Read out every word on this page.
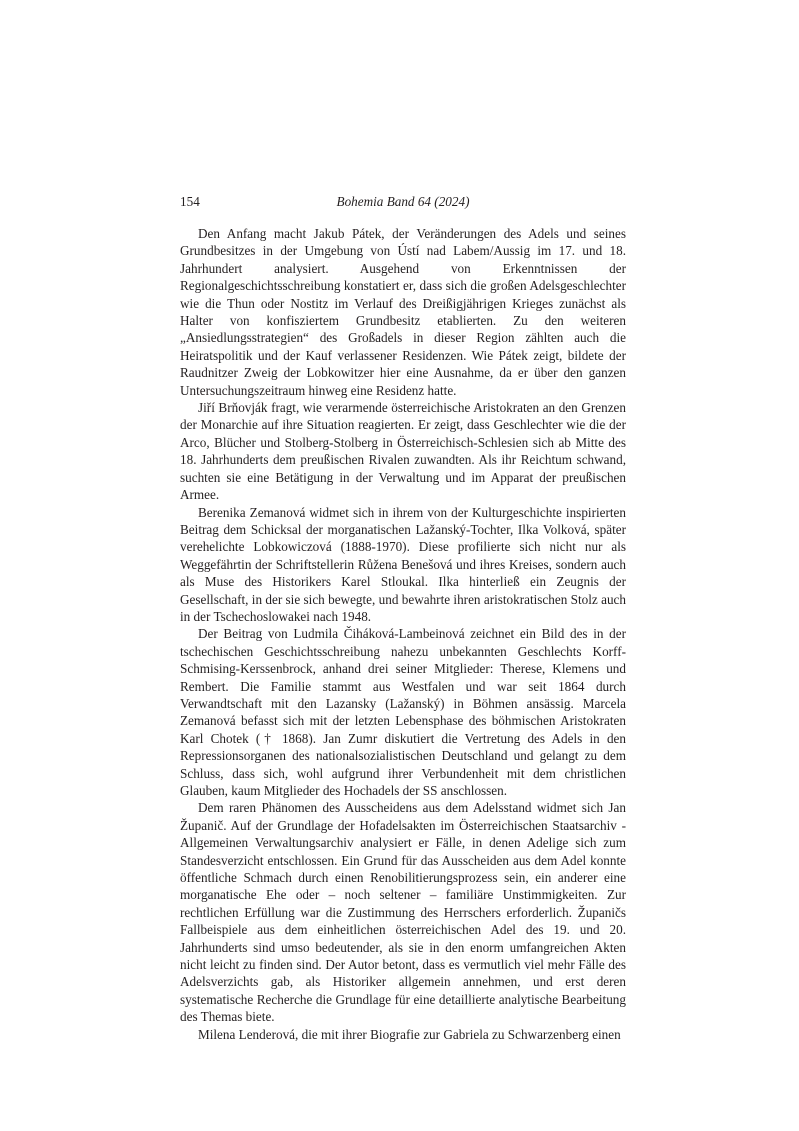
154	Bohemia Band 64 (2024)

Den Anfang macht Jakub Pátek, der Veränderungen des Adels und seines Grundbesitzes in der Umgebung von Ústí nad Labem/Aussig im 17. und 18. Jahrhundert analysiert. Ausgehend von Erkenntnissen der Regionalgeschichtsschreibung konstatiert er, dass sich die großen Adelsgeschlechter wie die Thun oder Nostitz im Verlauf des Dreißigjährigen Krieges zunächst als Halter von konfisziertem Grundbesitz etablierten. Zu den weiteren „Ansiedlungsstrategien“ des Großadels in dieser Region zählten auch die Heiratspolitik und der Kauf verlassener Residenzen. Wie Pátek zeigt, bildete der Raudnitzer Zweig der Lobkowitzer hier eine Ausnahme, da er über den ganzen Untersuchungszeitraum hinweg eine Residenz hatte.

Jiří Brňovják fragt, wie verarmende österreichische Aristokraten an den Grenzen der Monarchie auf ihre Situation reagierten. Er zeigt, dass Geschlechter wie die der Arco, Blücher und Stolberg-Stolberg in Österreichisch-Schlesien sich ab Mitte des 18. Jahrhunderts dem preußischen Rivalen zuwandten. Als ihr Reichtum schwand, suchten sie eine Betätigung in der Verwaltung und im Apparat der preußischen Armee.

Berenika Zemanová widmet sich in ihrem von der Kulturgeschichte inspirierten Beitrag dem Schicksal der morganatischen Lažanský-Tochter, Ilka Volková, später verehelichte Lobkowiczová (1888-1970). Diese profilierte sich nicht nur als Weggefährtin der Schriftstellerin Růžena Benešová und ihres Kreises, sondern auch als Muse des Historikers Karel Stloukal. Ilka hinterließ ein Zeugnis der Gesellschaft, in der sie sich bewegte, und bewahrte ihren aristokratischen Stolz auch in der Tschechoslowakei nach 1948.

Der Beitrag von Ludmila Čiháková-Lambeinová zeichnet ein Bild des in der tschechischen Geschichtsschreibung nahezu unbekannten Geschlechts Korff-Schmising-Kerssenbrock, anhand drei seiner Mitglieder: Therese, Klemens und Rembert. Die Familie stammt aus Westfalen und war seit 1864 durch Verwandtschaft mit den Lazansky (Lažanský) in Böhmen ansässig. Marcela Zemanová befasst sich mit der letzten Lebensphase des böhmischen Aristokraten Karl Chotek († 1868). Jan Zumr diskutiert die Vertretung des Adels in den Repressionsorganen des nationalsozialistischen Deutschland und gelangt zu dem Schluss, dass sich, wohl aufgrund ihrer Verbundenheit mit dem christlichen Glauben, kaum Mitglieder des Hochadels der SS anschlossen.

Dem raren Phänomen des Ausscheidens aus dem Adelsstand widmet sich Jan Županič. Auf der Grundlage der Hofadelsakten im Österreichischen Staatsarchiv - Allgemeinen Verwaltungsarchiv analysiert er Fälle, in denen Adelige sich zum Standesverzicht entschlossen. Ein Grund für das Ausscheiden aus dem Adel konnte öffentliche Schmach durch einen Renobilitierungsprozess sein, ein anderer eine morganatische Ehe oder – noch seltener – familiäre Unstimmigkeiten. Zur rechtlichen Erfüllung war die Zustimmung des Herrschers erforderlich. Županičs Fallbeispiele aus dem einheitlichen österreichischen Adel des 19. und 20. Jahrhunderts sind umso bedeutender, als sie in den enorm umfangreichen Akten nicht leicht zu finden sind. Der Autor betont, dass es vermutlich viel mehr Fälle des Adelsverzichts gab, als Historiker allgemein annehmen, und erst deren systematische Recherche die Grundlage für eine detaillierte analytische Bearbeitung des Themas biete.

Milena Lenderová, die mit ihrer Biografie zur Gabriela zu Schwarzenberg einen
